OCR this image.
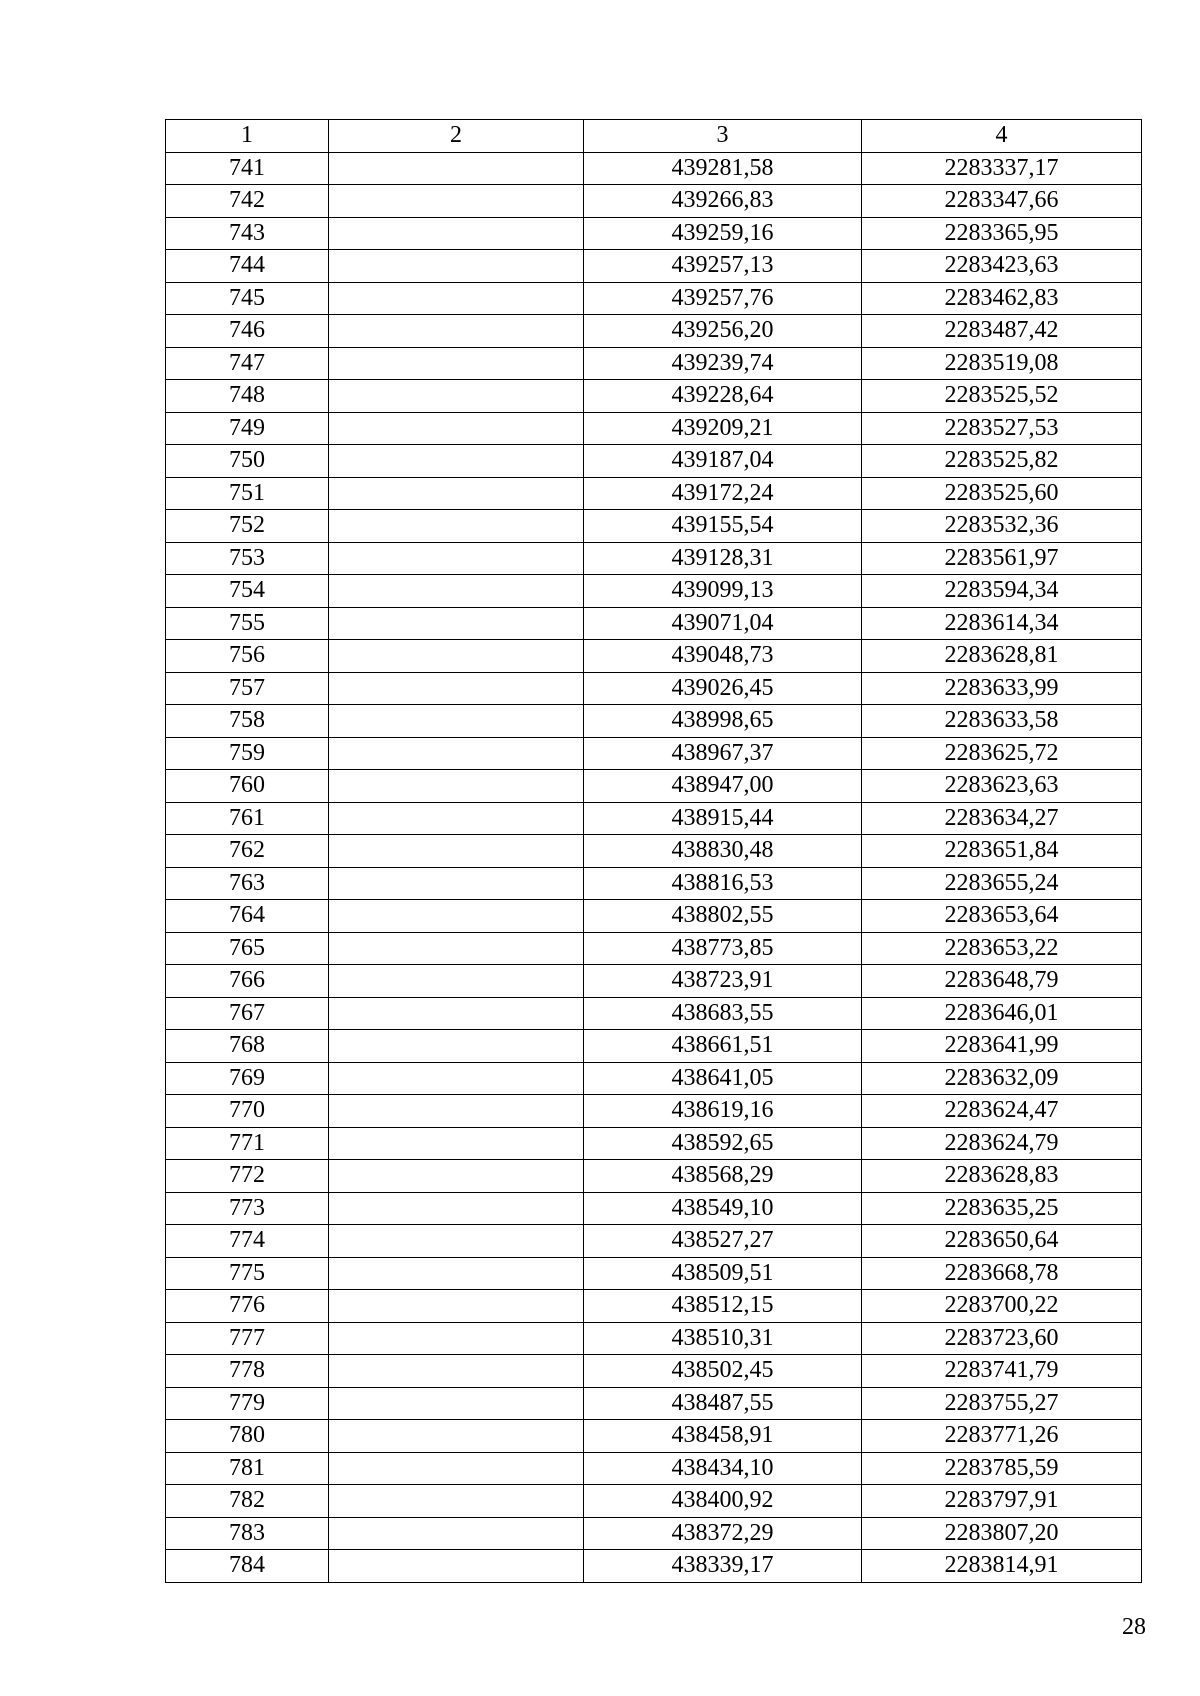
1	2	3	4
741		439281,58	2283337,17
742		439266,83	2283347,66
743		439259,16	2283365,95
744		439257,13	2283423,63
745		439257,76	2283462,83
746		439256,20	2283487,42
747		439239,74	2283519,08
748		439228,64	2283525,52
749		439209,21	2283527,53
750		439187,04	2283525,82
751		439172,24	2283525,60
752		439155,54	2283532,36
753		439128,31	2283561,97
754		439099,13	2283594,34
755		439071,04	2283614,34
756		439048,73	2283628,81
757		439026,45	2283633,99
758		438998,65	2283633,58
759		438967,37	2283625,72
760		438947,00	2283623,63
761		438915,44	2283634,27
762		438830,48	2283651,84
763		438816,53	2283655,24
764		438802,55	2283653,64
765		438773,85	2283653,22
766		438723,91	2283648,79
767		438683,55	2283646,01
768		438661,51	2283641,99
769		438641,05	2283632,09
770		438619,16	2283624,47
771		438592,65	2283624,79
772		438568,29	2283628,83
773		438549,10	2283635,25
774		438527,27	2283650,64
775		438509,51	2283668,78
776		438512,15	2283700,22
777		438510,31	2283723,60
778		438502,45	2283741,79
779		438487,55	2283755,27
780		438458,91	2283771,26
781		438434,10	2283785,59
782		438400,92	2283797,91
783		438372,29	2283807,20
784		438339,17	2283814,91
28
